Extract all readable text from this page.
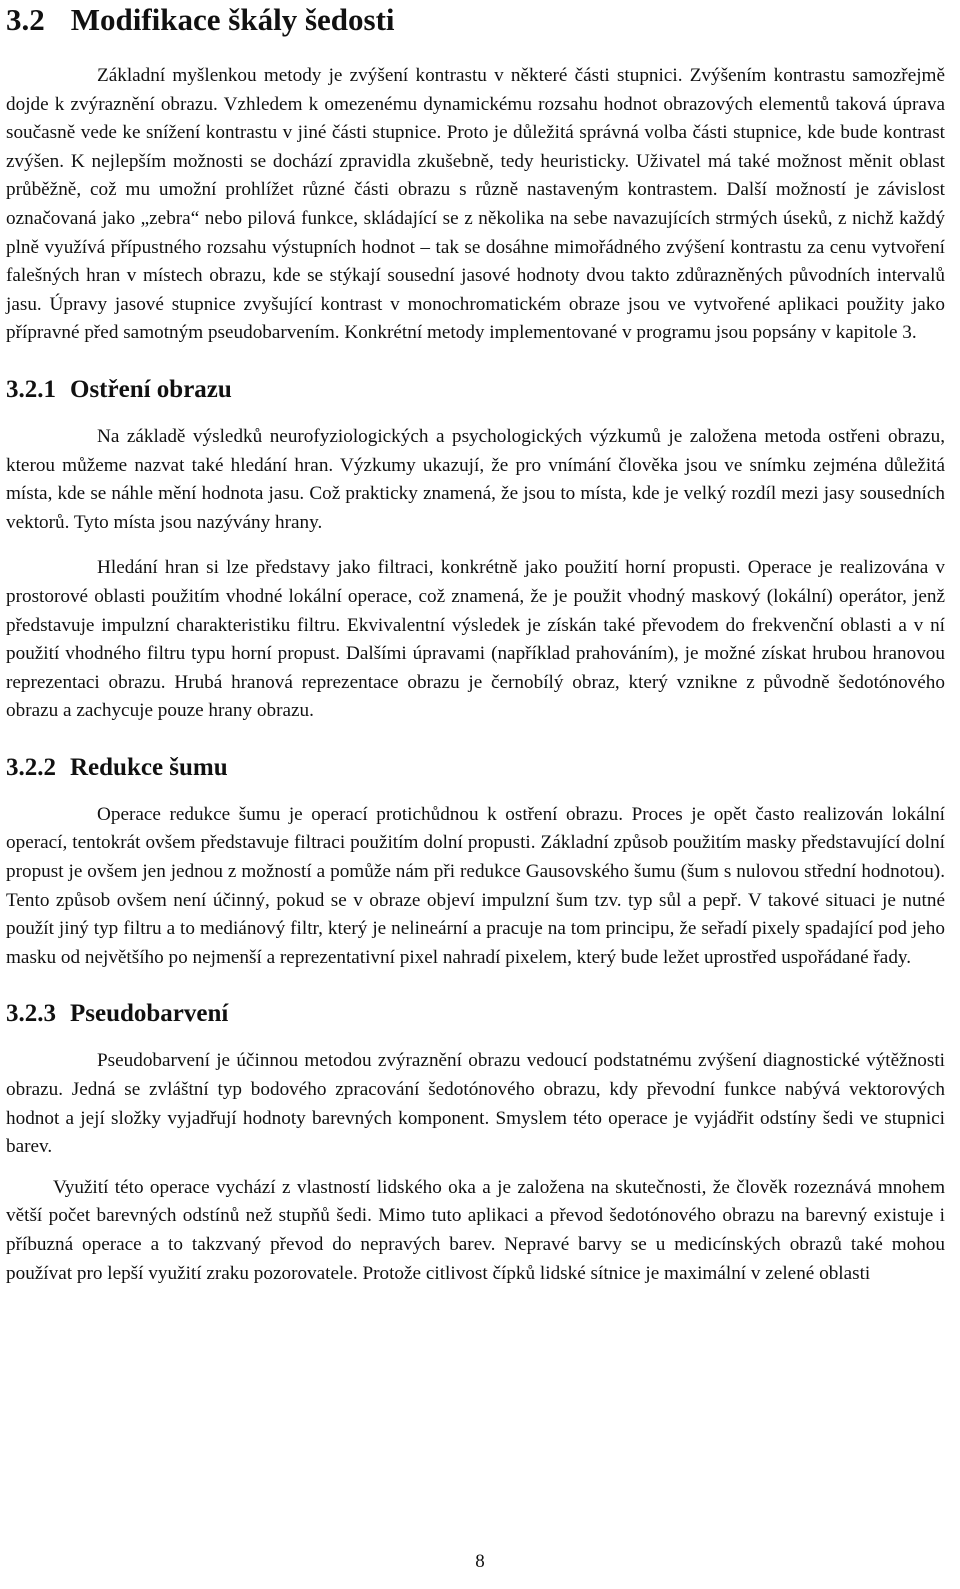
3.2 Modifikace škály šedosti

Základní myšlenkou metody je zvýšení kontrastu v některé části stupnici. Zvýšením kontrastu samozřejmě dojde k zvýraznění obrazu. Vzhledem k omezenému dynamickému rozsahu hodnot obrazových elementů taková úprava současně vede ke snížení kontrastu v jiné části stupnice. Proto je důležitá správná volba části stupnice, kde bude kontrast zvýšen. K nejlepším možnosti se dochází zpravidla zkušebně, tedy heuristicky. Uživatel má také možnost měnit oblast průběžně, což mu umožní prohlížet různé části obrazu s různě nastaveným kontrastem. Další možností je závislost označovaná jako „zebra“ nebo pilová funkce, skládající se z několika na sebe navazujících strmých úseků, z nichž každý plně využívá přípustného rozsahu výstupních hodnot – tak se dosáhne mimořádného zvýšení kontrastu za cenu vytvoření falešných hran v místech obrazu, kde se stýkají sousední jasové hodnoty dvou takto zdůrazněných původních intervalů jasu. Úpravy jasové stupnice zvyšující kontrast v monochromatickém obraze jsou ve vytvořené aplikaci použity jako přípravné před samotným pseudobarvením. Konkrétní metody implementované v programu jsou popsány v kapitole 3.

3.2.1 Ostření obrazu

Na základě výsledků neurofyziologických a psychologických výzkumů je založena metoda ostřeni obrazu, kterou můžeme nazvat také hledání hran. Výzkumy ukazují, že pro vnímání člověka jsou ve snímku zejména důležitá místa, kde se náhle mění hodnota jasu. Což prakticky znamená, že jsou to místa, kde je velký rozdíl mezi jasy sousedních vektorů. Tyto místa jsou nazývány hrany.

Hledání hran si lze představy jako filtraci, konkrétně jako použití horní propusti. Operace je realizována v prostorové oblasti použitím vhodné lokální operace, což znamená, že je použit vhodný maskový (lokální) operátor, jenž představuje impulzní charakteristiku filtru. Ekvivalentní výsledek je získán také převodem do frekvenční oblasti a v ní použití vhodného filtru typu horní propust. Dalšími úpravami (například prahováním), je možné získat hrubou hranovou reprezentaci obrazu. Hrubá hranová reprezentace obrazu je černobílý obraz, který vznikne z původně šedotónového obrazu a zachycuje pouze hrany obrazu.

3.2.2 Redukce šumu

Operace redukce šumu je operací protichůdnou k ostření obrazu. Proces je opět často realizován lokální operací, tentokrát ovšem představuje filtraci použitím dolní propusti. Základní způsob použitím masky představující dolní propust je ovšem jen jednou z možností a pomůže nám při redukce Gausovského šumu (šum s nulovou střední hodnotou). Tento způsob ovšem není účinný, pokud se v obraze objeví impulzní šum tzv. typ sůl a pepř. V takové situaci je nutné použít jiný typ filtru a to mediánový filtr, který je nelineární a pracuje na tom principu, že seřadí pixely spadající pod jeho masku od největšího po nejmenší a reprezentativní pixel nahradí pixelem, který bude ležet uprostřed uspořádané řady.

3.2.3 Pseudobarvení

Pseudobarvení je účinnou metodou zvýraznění obrazu vedoucí podstatnému zvýšení diagnostické výtěžnosti obrazu. Jedná se zvláštní typ bodového zpracování šedotónového obrazu, kdy převodní funkce nabývá vektorových hodnot a její složky vyjadřují hodnoty barevných komponent. Smyslem této operace je vyjádřit odstíny šedi ve stupnici barev.

Využití této operace vychází z vlastností lidského oka a je založena na skutečnosti, že člověk rozeznává mnohem větší počet barevných odstínů než stupňů šedi. Mimo tuto aplikaci a převod šedotónového obrazu na barevný existuje i příbuzná operace a to takzvaný převod do nepravých barev. Nepravé barvy se u medicínských obrazů také mohou používat pro lepší využití zraku pozorovatele. Protože citlivost čípků lidské sítnice je maximální v zelené oblasti

8
